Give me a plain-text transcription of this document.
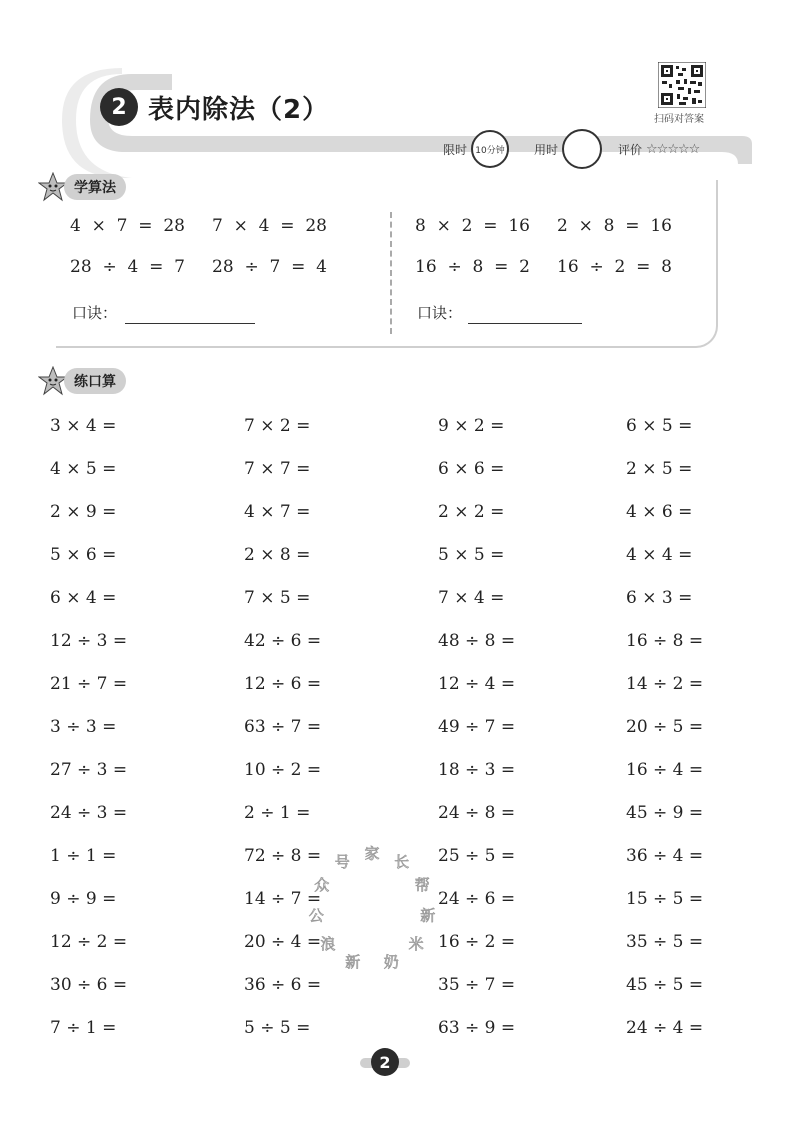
2 表内除法（2）	扫码对答案
限时 10分钟 用时	评价 ☆☆☆☆☆
学算法
4  ×  7  =  28 7  ×  4  =  28
28  ÷  4  =  7 28  ÷  7  =  4
口诀：
8  ×  2  =  16 2  ×  8  =  16
16  ÷  8  =  2 16  ÷  2  =  8
口诀：
练口算
3 × 4 =	7 × 2 =	9 × 2 =	6 × 5 =
4 × 5 =	7 × 7 =	6 × 6 =	2 × 5 =
2 × 9 =	4 × 7 =	2 × 2 =	4 × 6 =
5 × 6 =	2 × 8 =	5 × 5 =	4 × 4 =
6 × 4 =	7 × 5 =	7 × 4 =	6 × 3 =
12 ÷ 3 =	42 ÷ 6 =	48 ÷ 8 =	16 ÷ 8 =
21 ÷ 7 =	12 ÷ 6 =	12 ÷ 4 =	14 ÷ 2 =
3 ÷ 3 =	63 ÷ 7 =	49 ÷ 7 =	20 ÷ 5 =
27 ÷ 3 =	10 ÷ 2 =	18 ÷ 3 =	16 ÷ 4 =
24 ÷ 3 =	2 ÷ 1 =	24 ÷ 8 =	45 ÷ 9 =
1 ÷ 1 =	72 ÷ 8 =	25 ÷ 5 =	36 ÷ 4 =
9 ÷ 9 =	14 ÷ 7 =	24 ÷ 6 =	15 ÷ 5 =
12 ÷ 2 =	20 ÷ 4 =	16 ÷ 2 =	35 ÷ 5 =
30 ÷ 6 =	36 ÷ 6 =	35 ÷ 7 =	45 ÷ 5 =
7 ÷ 1 =	5 ÷ 5 =	63 ÷ 9 =	24 ÷ 4 =
新
浪
公
众
号 家 长
帮
新
米
奶
2
